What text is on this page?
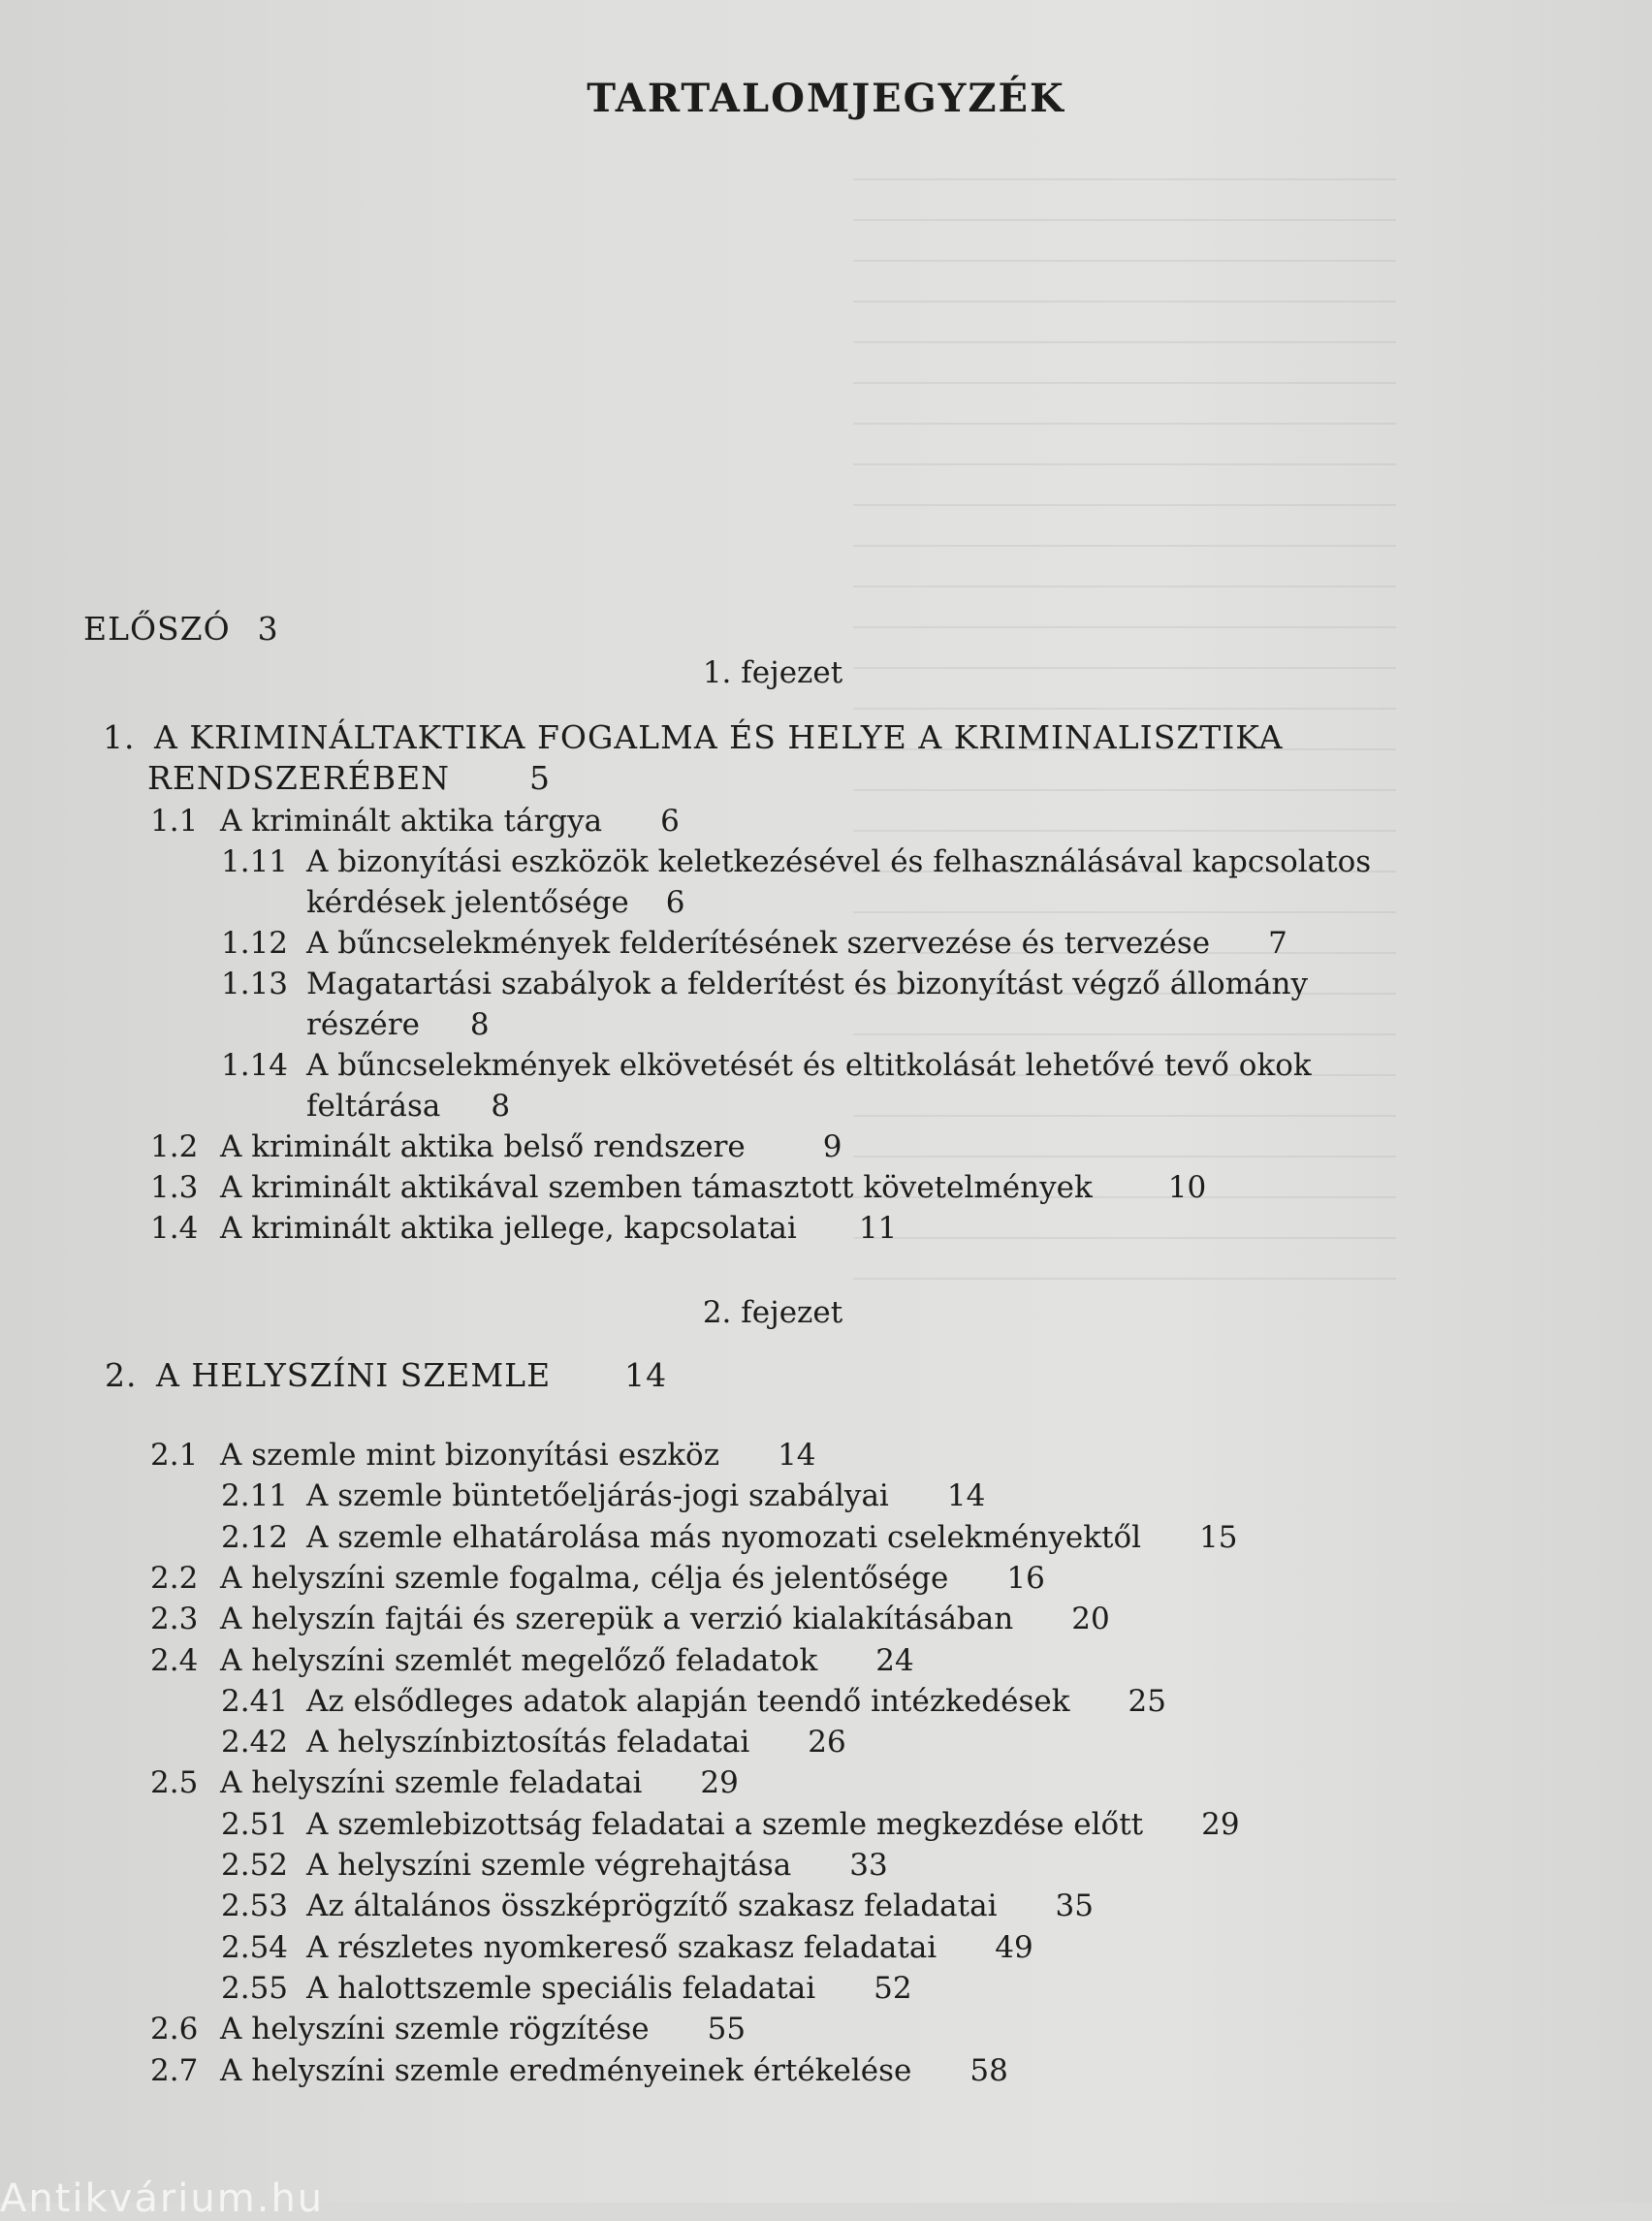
TARTALOMJEGYZÉK
ELŐSZÓ 3
1. fejezet
1. A KRIMINÁLTAKTIKA FOGALMA ÉS HELYE A KRIMINALISZTIKA
RENDSZERÉBEN 5
1.1 A kriminált aktika tárgya 6
1.11 A bizonyítási eszközök keletkezésével és felhasználásával kapcsolatos
kérdések jelentősége 6
1.12 A bűncselekmények felderítésének szervezése és tervezése 7
1.13 Magatartási szabályok a felderítést és bizonyítást végző állomány
részére 8
1.14 A bűncselekmények elkövetését és eltitkolását lehetővé tevő okok
feltárása 8
1.2 A kriminált aktika belső rendszere	9
1.3 A kriminált aktikával szemben támasztott követelmények	10
1.4 A kriminált aktika jellege, kapcsolatai 11
2. fejezet
2. A HELYSZÍNI SZEMLE 14
2.1 A szemle mint bizonyítási eszköz 14
2.11 A szemle büntetőeljárás-jogi szabályai 14
2.12 A szemle elhatárolása más nyomozati cselekményektől 15
2.2 A helyszíni szemle fogalma, célja és jelentősége 16
2.3 A helyszín fajtái és szerepük a verzió kialakításában 20
2.4 A helyszíni szemlét megelőző feladatok 24
2.41 Az elsődleges adatok alapján teendő intézkedések 25
2.42 A helyszínbiztosítás feladatai 26
2.5 A helyszíni szemle feladatai 29
2.51 A szemlebizottság feladatai a szemle megkezdése előtt 29
2.52 A helyszíni szemle végrehajtása 33
2.53 Az általános összképrögzítő szakasz feladatai 35
2.54 A részletes nyomkereső szakasz feladatai 49
2.55 A halottszemle speciális feladatai 52
2.6 A helyszíni szemle rögzítése 55
2.7 A helyszíni szemle eredményeinek értékelése 58
Antikvárium.hu
